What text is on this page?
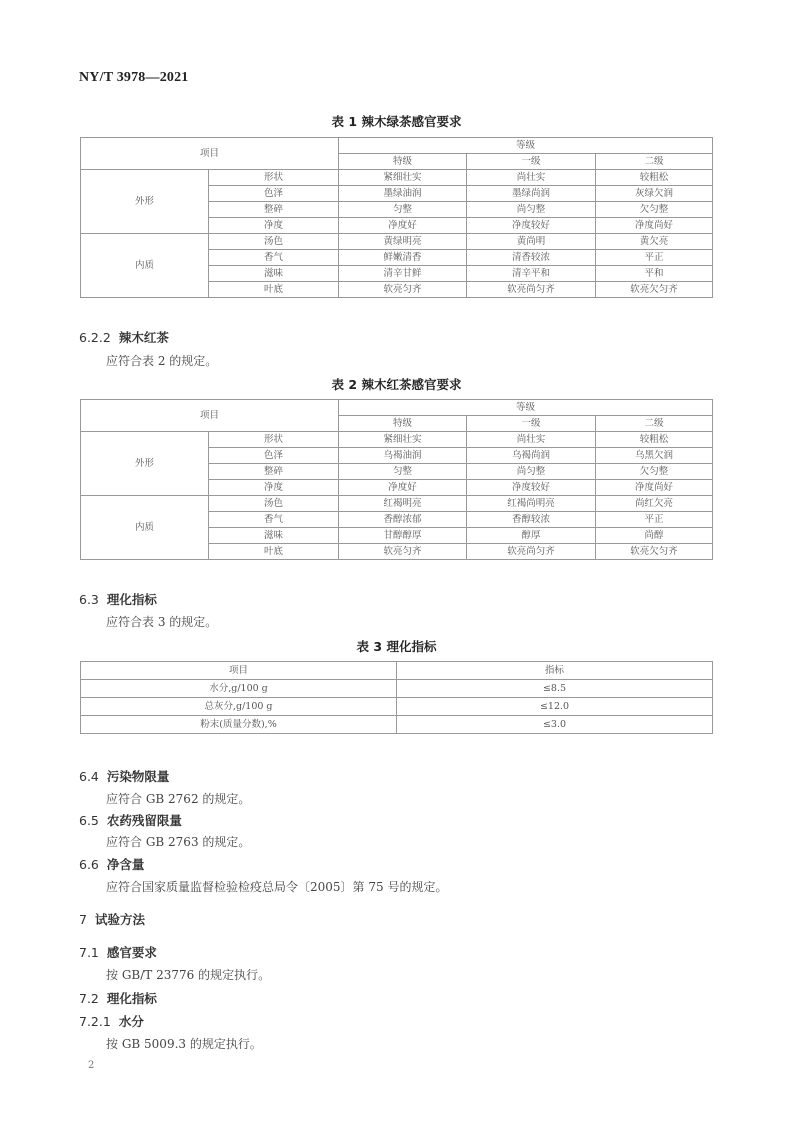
NY/T 3978—2021
表 1 辣木绿茶感官要求
项目		等级		
		特级	一级	二级
外形	形状	紧细壮实	尚壮实	较粗松
	色泽	墨绿油润	墨绿尚润	灰绿欠润
	整碎	匀整	尚匀整	欠匀整
	净度	净度好	净度较好	净度尚好
内质	汤色	黄绿明亮	黄尚明	黄欠亮
	香气	鲜嫩清香	清香较浓	平正
	滋味	清辛甘鲜	清辛平和	平和
	叶底	软亮匀齐	软亮尚匀齐	软亮欠匀齐
6.2.2 辣木红茶
应符合表 2 的规定。
表 2 辣木红茶感官要求
项目		等级		
		特级	一级	二级
外形	形状	紧细壮实	尚壮实	较粗松
	色泽	乌褐油润	乌褐尚润	乌黑欠润
	整碎	匀整	尚匀整	欠匀整
	净度	净度好	净度较好	净度尚好
内质	汤色	红褐明亮	红褐尚明亮	尚红欠亮
	香气	香醇浓郁	香醇较浓	平正
	滋味	甘醇醇厚	醇厚	尚醇
	叶底	软亮匀齐	软亮尚匀齐	软亮欠匀齐
6.3 理化指标
应符合表 3 的规定。
表 3 理化指标
项目	指标
水分,g/100 g	≤8.5
总灰分,g/100 g	≤12.0
粉末(质量分数),%	≤3.0
6.4 污染物限量
应符合 GB 2762 的规定。
6.5 农药残留限量
应符合 GB 2763 的规定。
6.6 净含量
应符合国家质量监督检验检疫总局令〔2005〕第 75 号的规定。
7 试验方法
7.1 感官要求
按 GB/T 23776 的规定执行。
7.2 理化指标
7.2.1 水分
按 GB 5009.3 的规定执行。
2
